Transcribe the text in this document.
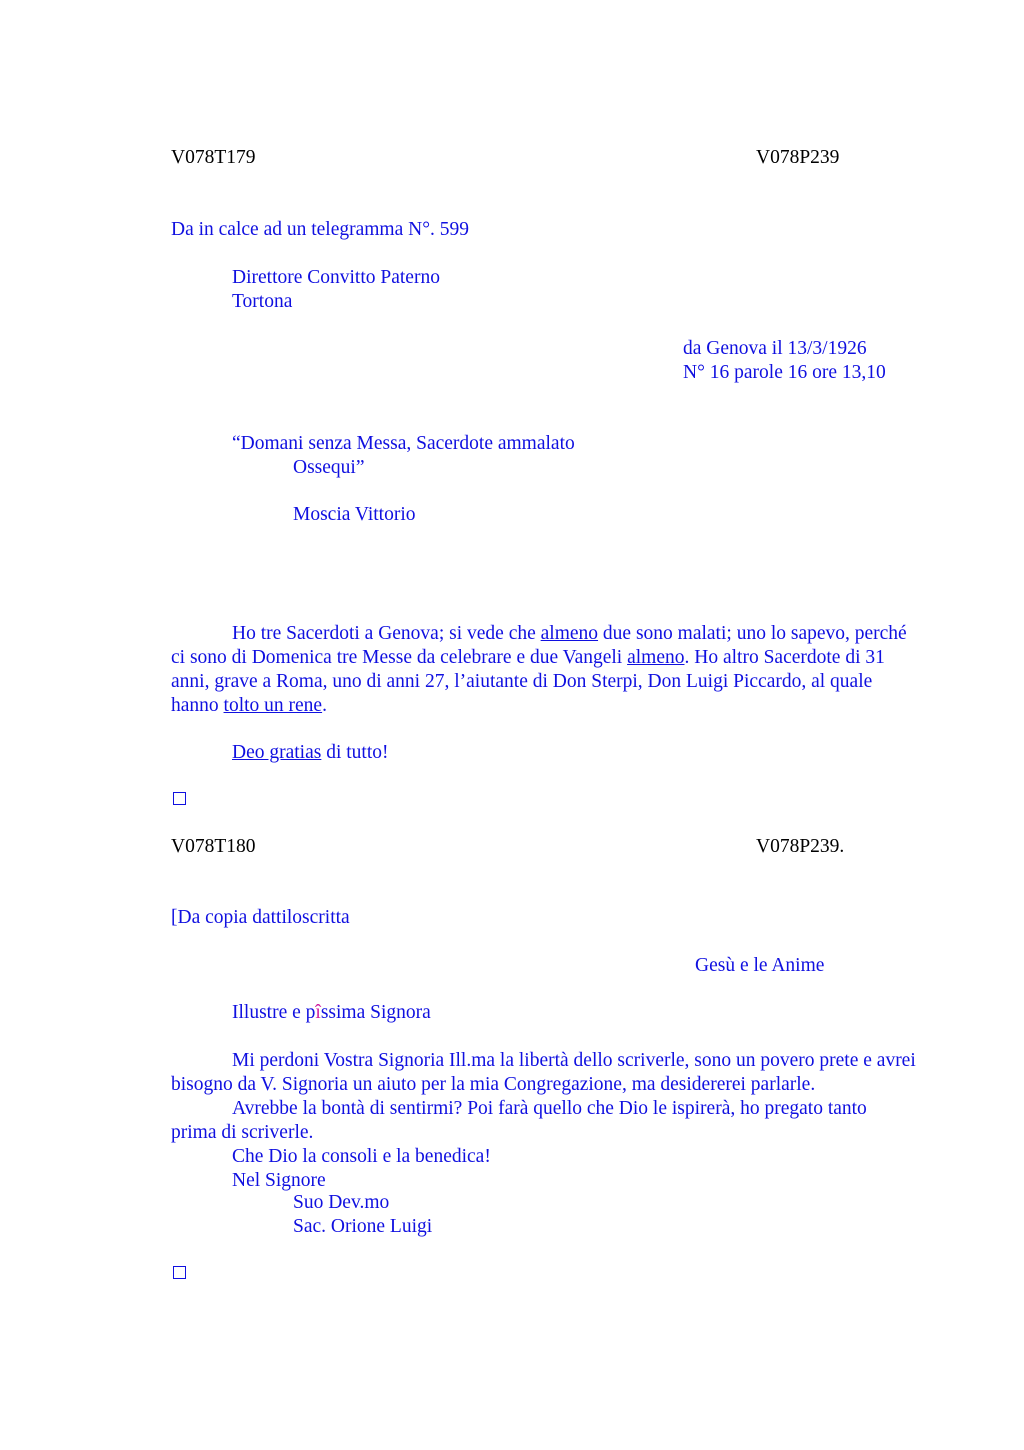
V078T179	V078P239
Da in calce ad un telegramma N°. 599
Direttore Convitto Paterno
Tortona
da Genova il 13/3/1926
N° 16 parole 16 ore 13,10
“Domani senza Messa, Sacerdote ammalato
Ossequi”
Moscia Vittorio

Ho tre Sacerdoti a Genova; si vede che almeno due sono malati; uno lo sapevo, perché ci sono di Domenica tre Messe da celebrare e due Vangeli almeno. Ho altro Sacerdote di 31 anni, grave a Roma, uno di anni 27, l’aiutante di Don Sterpi, Don Luigi Piccardo, al quale hanno tolto un rene.

Deo gratias di tutto!
V078T180	V078P239.
[Da copia dattiloscritta
Gesù e le Anime
Illustre e pîssima Signora

Mi perdoni Vostra Signoria Ill.ma la libertà dello scriverle, sono un povero prete e avrei bisogno da V. Signoria un aiuto per la mia Congregazione, ma desidererei parlarle.

Avrebbe la bontà di sentirmi? Poi farà quello che Dio le ispirerà, ho pregato tanto prima di scriverle.

Che Dio la consoli e la benedica!

Nel Signore

Suo Dev.mo
Sac. Orione Luigi
